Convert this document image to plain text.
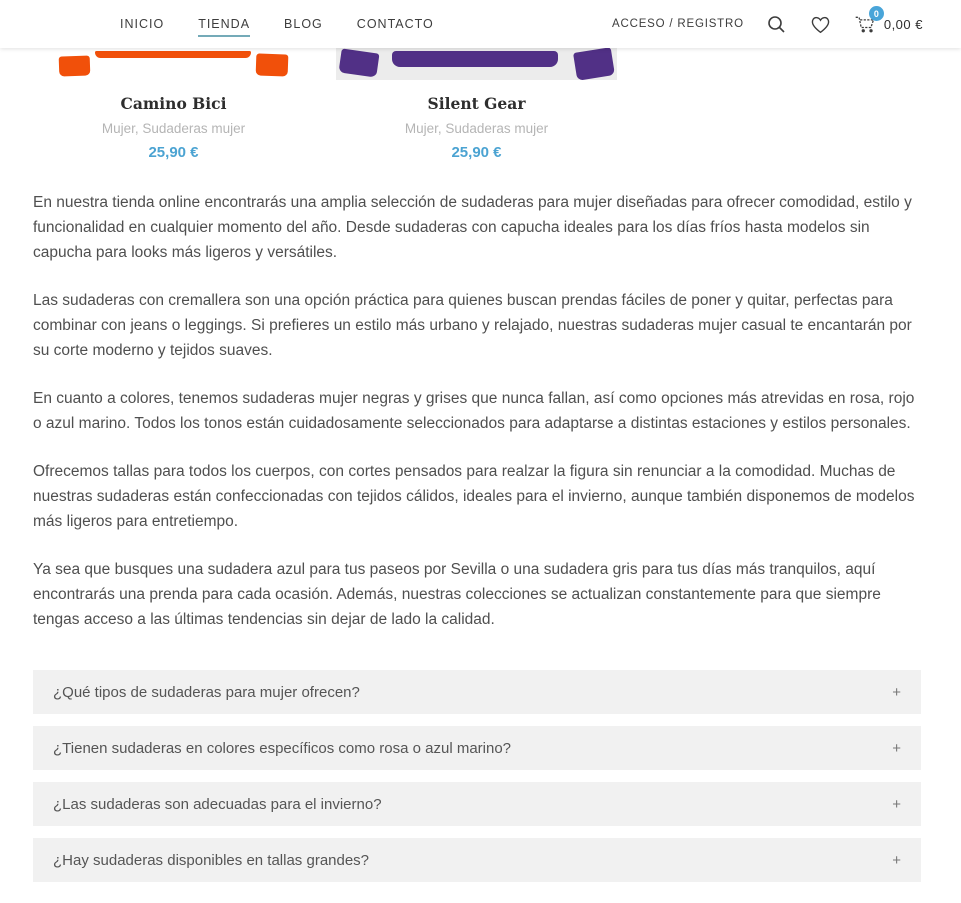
INICIO	TIENDA	BLOG	CONTACTO	ACCESO / REGISTRO
0
0,00 €
Camino Bici
Mujer, Sudaderas mujer
25,90 €
Silent Gear
Mujer, Sudaderas mujer
25,90 €

En nuestra tienda online encontrarás una amplia selección de sudaderas para mujer diseñadas para ofrecer comodidad, estilo y funcionalidad en cualquier momento del año. Desde sudaderas con capucha ideales para los días fríos hasta modelos sin capucha para looks más ligeros y versátiles.

Las sudaderas con cremallera son una opción práctica para quienes buscan prendas fáciles de poner y quitar, perfectas para combinar con jeans o leggings. Si prefieres un estilo más urbano y relajado, nuestras sudaderas mujer casual te encantarán por su corte moderno y tejidos suaves.

En cuanto a colores, tenemos sudaderas mujer negras y grises que nunca fallan, así como opciones más atrevidas en rosa, rojo o azul marino. Todos los tonos están cuidadosamente seleccionados para adaptarse a distintas estaciones y estilos personales.

Ofrecemos tallas para todos los cuerpos, con cortes pensados para realzar la figura sin renunciar a la comodidad. Muchas de nuestras sudaderas están confeccionadas con tejidos cálidos, ideales para el invierno, aunque también disponemos de modelos más ligeros para entretiempo.

Ya sea que busques una sudadera azul para tus paseos por Sevilla o una sudadera gris para tus días más tranquilos, aquí encontrarás una prenda para cada ocasión. Además, nuestras colecciones se actualizan constantemente para que siempre tengas acceso a las últimas tendencias sin dejar de lado la calidad.

¿Qué tipos de sudaderas para mujer ofrecen?	+
¿Tienen sudaderas en colores específicos como rosa o azul marino?	+
¿Las sudaderas son adecuadas para el invierno?	+
¿Hay sudaderas disponibles en tallas grandes?	+
